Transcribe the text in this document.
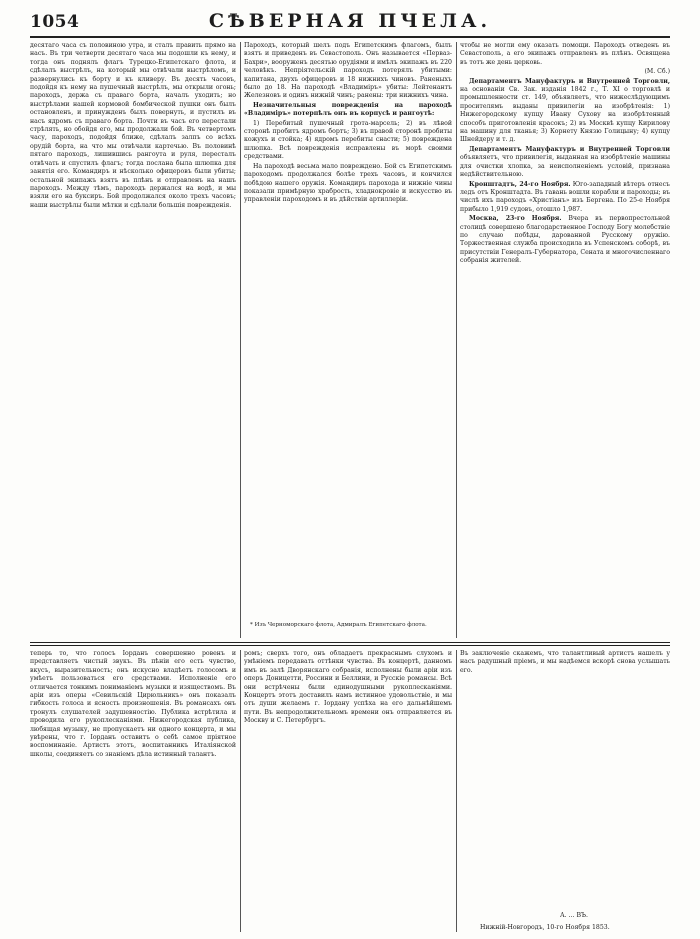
1054	СѢВЕРНАЯ ПЧЕЛА.

десятаго часа съ половиною утра, и сталъ править прямо на насъ. Въ три четверти десятаго часа мы подошли къ нему, и тогда онъ поднялъ флагъ Турецко-Египетскаго флота, и сдѣлалъ выстрѣлъ, на который мы отвѣчали выстрѣломъ, и развернулись къ борту и къ кливеру. Въ десять часовъ, подойдя къ нему на пушечный выстрѣлъ, мы открыли огонь; пароходъ, держа съ праваго борта, началъ уходить; но выстрѣлами нашей кормовой бомбической пушки онъ былъ остановленъ, и принужденъ былъ повернуть, и пустилъ въ насъ ядромъ съ праваго борта. Почти въ часъ его перестали стрѣлять, но обойдя его, мы продолжали бой. Въ четвертомъ часу, пароходъ, подойдя ближе, сдѣлалъ залпъ со всѣхъ орудій борта, на что мы отвѣчали картечью. Въ половинѣ пятаго пароходъ, лишившись рангоута и руля, пересталъ отвѣчать и спустилъ флагъ; тогда послана была шлюпка для занятія его. Командиръ и нѣсколько офицеровъ были убиты; остальной экипажъ взятъ въ плѣнъ и отправленъ на нашъ пароходъ. Между тѣмъ, пароходъ держался на водѣ, и мы взяли его на буксиръ. Бой продолжался около трехъ часовъ; наши выстрѣлы были мѣтки и сдѣлали большія поврежденія.

Пароходъ, который шелъ подъ Египетскимъ флагомъ, былъ взятъ и приведенъ въ Севастополь. Онъ называется «Перваз-Бахри», вооруженъ десятью орудіями и имѣлъ экипажъ въ 220 человѣкъ. Непріятельскій пароходъ потерялъ убитыми: капитана, двухъ офицеровъ и 18 нижнихъ чиновъ. Раненыхъ было до 18. На пароходѣ «Владиміръ» убиты: Лейтенантъ Железновъ и одинъ нижній чинъ; ранены: три нижнихъ чина.

Незначительныя поврежденія на пароходѣ «Владиміръ» потерпѣлъ онъ въ корпусѣ и рангоутѣ:

1) Перебитый пушечный грота-марсель; 2) въ лѣвой сторонѣ пробитъ ядромъ бортъ; 3) въ правой сторонѣ пробиты кожухъ и стойка; 4) ядромъ перебиты снасти; 5) повреждена шлюпка. Всѣ поврежденія исправлены въ морѣ своими средствами.

На пароходѣ весьма мало повреждено. Бой съ Египетскимъ пароходомъ продолжался болѣе трехъ часовъ, и кончился побѣдою нашего оружія. Командиръ парохода и нижніе чины показали примѣрную храбрость, хладнокровіе и искусство въ управленіи пароходомъ и въ дѣйствіи артиллеріи.

* Изъ Черноморскаго флота, Адмиралъ Египетскаго флота.

чтобы не могли ему оказать помощи. Пароходъ отведенъ въ Севастополь, а его экипажъ отправленъ въ плѣнъ. Освящена въ тотъ же день церковь.

(М. Сб.)

Департаментъ Мануфактуръ и Внутренней Торговли, на основаніи Св. Зак. изданія 1842 г., Т. XI о торговлѣ и промышленности ст. 149, объявляетъ, что нижеслѣдующимъ просителямъ выданы привилегіи на изобрѣтенія: 1) Нижегородскому купцу Ивану Сухову на изобрѣтенный способъ приготовленія красокъ; 2) въ Москвѣ купцу Кирилову на машину для тканья; 3) Корнету Князю Голицыну; 4) купцу Шнейдеру и т. д.

Департаментъ Мануфактуръ и Внутренней Торговли объявляетъ, что привилегія, выданная на изобрѣтеніе машины для очистки хлопка, за неисполненіемъ условій, признана недѣйствительною.

Кронштадтъ, 24-го Ноября. Юго-западный вѣтеръ отнесъ ледъ отъ Кронштадта. Въ гавань вошли корабли и пароходы; въ числѣ ихъ пароходъ «Христіанъ» изъ Бергена. По 25-е Ноября прибыло 1,919 судовъ, отошло 1,987.

Москва, 23-го Ноября. Вчера въ первопрестольной столицѣ совершено благодарственное Господу Богу молебствіе по случаю побѣды, дарованной Русскому оружію. Торжественная служба происходила въ Успенскомъ соборѣ, въ присутствіи Генералъ-Губернатора, Сената и многочисленнаго собранія жителей.

теперь то, что голосъ Іорданъ совершенно ровенъ и представляетъ чистый звукъ. Въ пѣніи его есть чувство, вкусъ, выразительность; онъ искусно владѣетъ голосомъ и умѣетъ пользоваться его средствами. Исполненіе его отличается тонкимъ пониманіемъ музыки и изяществомъ. Въ арiи изъ оперы «Севильскій Цирюльникъ» онъ показалъ гибкость голоса и ясность произношенія. Въ романсахъ онъ тронулъ слушателей задушевностію. Публика встрѣтила и проводила его рукоплесканіями. Нижегородская публика, любящая музыку, не пропускаетъ ни одного концерта, и мы увѣрены, что г. Іорданъ оставитъ о себѣ самое пріятное воспоминаніе. Артистъ этотъ, воспитанникъ Италіянской школы, соединяетъ со знаніемъ дѣла истинный талантъ.

ромъ; сверхъ того, онъ обладаетъ прекраснымъ слухомъ и умѣніемъ передавать оттѣнки чувства. Въ концертѣ, данномъ имъ въ залѣ Дворянскаго собранія, исполнены были арiи изъ оперъ Доницетти, Россини и Беллини, и Русскіе романсы. Всѣ они встрѣчены были единодушными рукоплесканіями. Концертъ этотъ доставилъ намъ истинное удовольствіе, и мы отъ души желаемъ г. Іордану успѣха на его дальнѣйшемъ пути. Въ непродолжительномъ времени онъ отправляется въ Москву и С. Петербургъ.

Въ заключеніе скажемъ, что талантливый артистъ нашелъ у насъ радушный пріемъ, и мы надѣемся вскорѣ снова услышать его.

А. ... ВЪ.
Нижній-Новгородъ, 10-го Ноября 1853.
